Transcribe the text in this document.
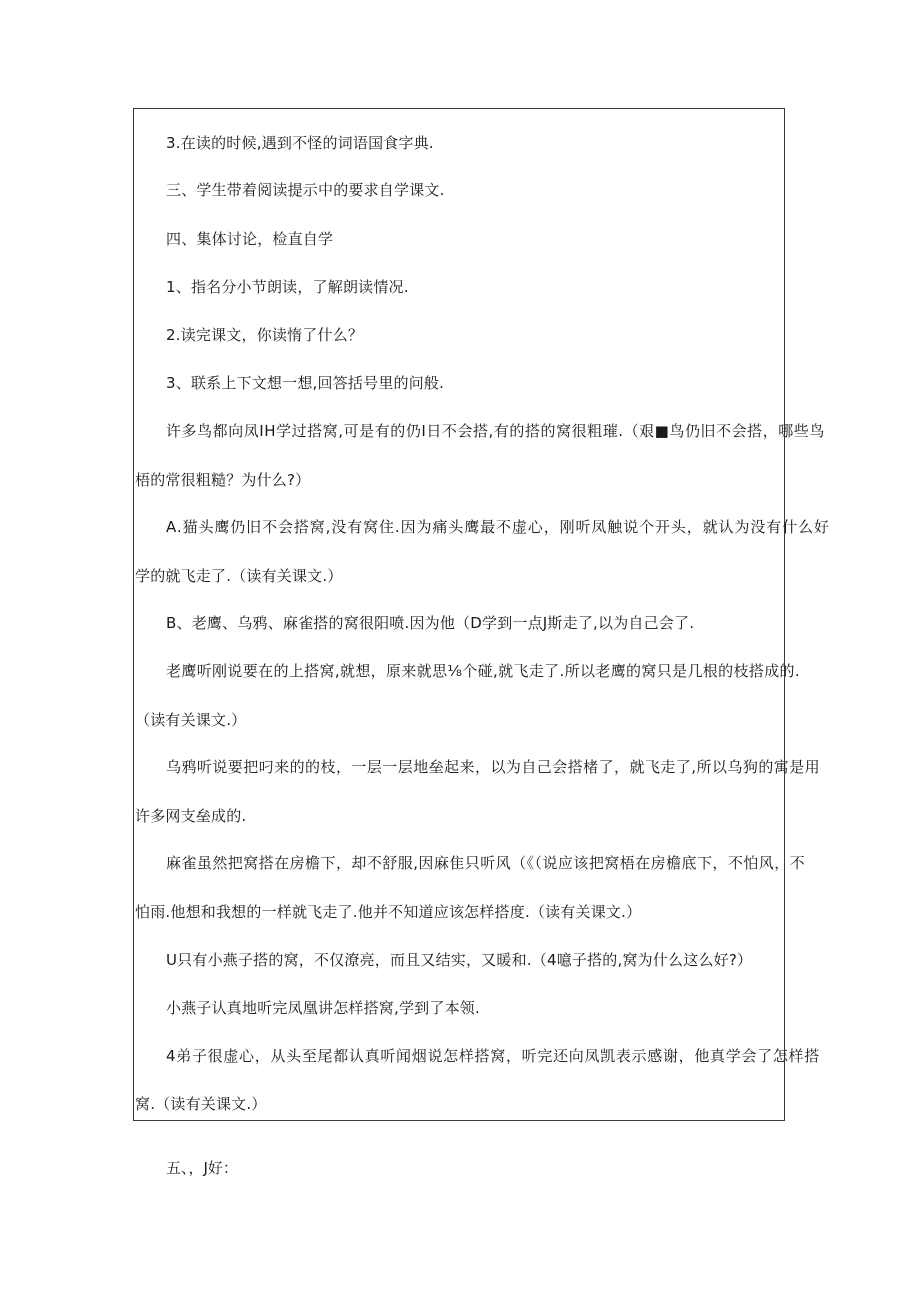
3.在读的时候,遇到不怪的词语国食字典.
三、学生带着阅读提示中的要求自学课文.
四、集体讨论，检直自学
1、指名分小节朗读，了解朗读情况.
2.读完课文，你读惰了什么？
3、联系上下文想一想,回答括号里的问般.
许多鸟都向凤IH学过搭窝,可是有的仍I日不会搭,有的搭的窝很粗璀.（艰■鸟仍旧不会搭，哪些鸟
梧的常很粗糙？为什么?）
A.猫头鹰仍旧不会搭窝,没有窝住.因为痛头鹰最不虚心，刚听凤触说个开头，就认为没有什么好
学的就飞走了.（读有关课文.）
B、老鹰、乌鸦、麻雀搭的窝很阳喷.因为他（D学到一点J斯走了,以为自己会了.
老鹰听刚说要在的上搭窝,就想，原来就思⅛个碰,就飞走了.所以老鹰的窝只是几根的枝搭成的.
（读有关课文.）
乌鸦听说要把叼来的的枝，一层一层地垒起来，以为自己会搭楮了，就飞走了,所以乌狗的寓是用
许多网支垒成的.
麻雀虽然把窝搭在房檐下，却不舒服,因麻隹只听风（《（说应该把窝梧在房檐底下，不怕风，不
怕雨.他想和我想的一样就飞走了.他并不知道应该怎样搭度.（读有关课文.）
U只有小燕子搭的窝，不仅潦亮，而且又结实，又暖和.（4噫子搭的,窝为什么这么好?）
小燕子认真地听完凤凰讲怎样搭窝,学到了本领.
4弟子很虚心，从头至尾都认真听闻烟说怎样搭窝，听完还向凤凯表示感谢，他真学会了怎样搭
窝.（读有关课文.）
五、，J好：
